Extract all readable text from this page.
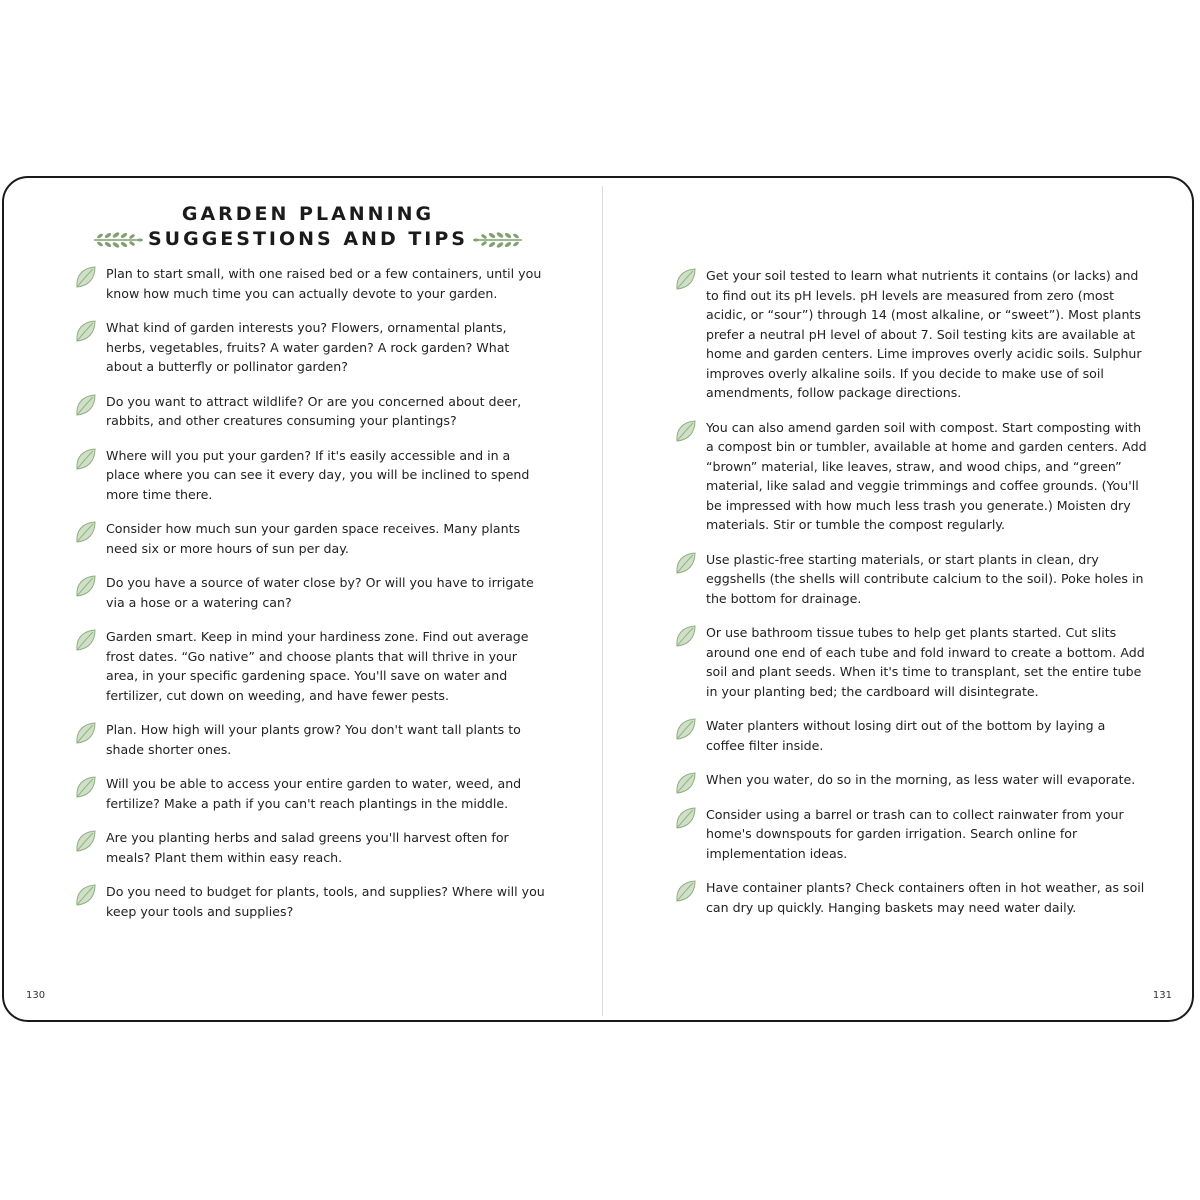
GARDEN PLANNING
SUGGESTIONS AND TIPS
Plan to start small, with one raised bed or a few containers, until you know how much time you can actually devote to your garden.
What kind of garden interests you? Flowers, ornamental plants, herbs, vegetables, fruits? A water garden? A rock garden? What about a butterfly or pollinator garden?
Do you want to attract wildlife? Or are you concerned about deer, rabbits, and other creatures consuming your plantings?
Where will you put your garden? If it's easily accessible and in a place where you can see it every day, you will be inclined to spend more time there.
Consider how much sun your garden space receives. Many plants need six or more hours of sun per day.
Do you have a source of water close by? Or will you have to irrigate via a hose or a watering can?
Garden smart. Keep in mind your hardiness zone. Find out average frost dates. “Go native” and choose plants that will thrive in your area, in your specific gardening space. You'll save on water and fertilizer, cut down on weeding, and have fewer pests.
Plan. How high will your plants grow? You don't want tall plants to shade shorter ones.
Will you be able to access your entire garden to water, weed, and fertilize? Make a path if you can't reach plantings in the middle.
Are you planting herbs and salad greens you'll harvest often for meals? Plant them within easy reach.
Do you need to budget for plants, tools, and supplies? Where will you keep your tools and supplies?
Get your soil tested to learn what nutrients it contains (or lacks) and to find out its pH levels. pH levels are measured from zero (most acidic, or “sour”) through 14 (most alkaline, or “sweet”). Most plants prefer a neutral pH level of about 7. Soil testing kits are available at home and garden centers. Lime improves overly acidic soils. Sulphur improves overly alkaline soils. If you decide to make use of soil amendments, follow package directions.
You can also amend garden soil with compost. Start composting with a compost bin or tumbler, available at home and garden centers. Add “brown” material, like leaves, straw, and wood chips, and “green” material, like salad and veggie trimmings and coffee grounds. (You'll be impressed with how much less trash you generate.) Moisten dry materials. Stir or tumble the compost regularly.
Use plastic-free starting materials, or start plants in clean, dry eggshells (the shells will contribute calcium to the soil). Poke holes in the bottom for drainage.
Or use bathroom tissue tubes to help get plants started. Cut slits around one end of each tube and fold inward to create a bottom. Add soil and plant seeds. When it's time to transplant, set the entire tube in your planting bed; the cardboard will disintegrate.
Water planters without losing dirt out of the bottom by laying a coffee filter inside.
When you water, do so in the morning, as less water will evaporate.
Consider using a barrel or trash can to collect rainwater from your home's downspouts for garden irrigation. Search online for implementation ideas.
Have container plants? Check containers often in hot weather, as soil can dry up quickly. Hanging baskets may need water daily.
130	131
